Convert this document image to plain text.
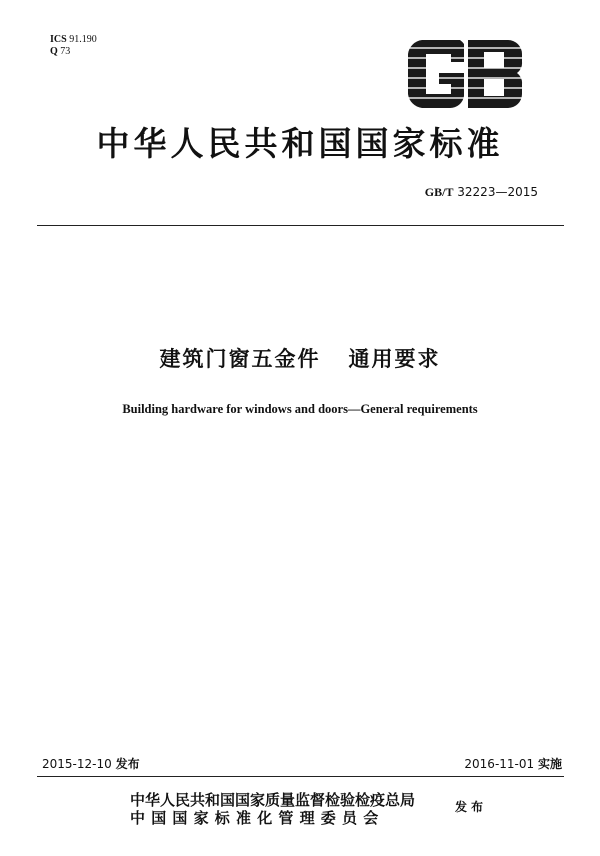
ICS 91.190
Q 73
中华人民共和国国家标准
GB/T 32223—2015
建筑门窗五金件 通用要求
Building hardware for windows and doors—General requirements
2015-12-10 发布	2016-11-01 实施
中华人民共和国国家质量监督检验检疫总局
中国国家标准化管理委员会
发布
